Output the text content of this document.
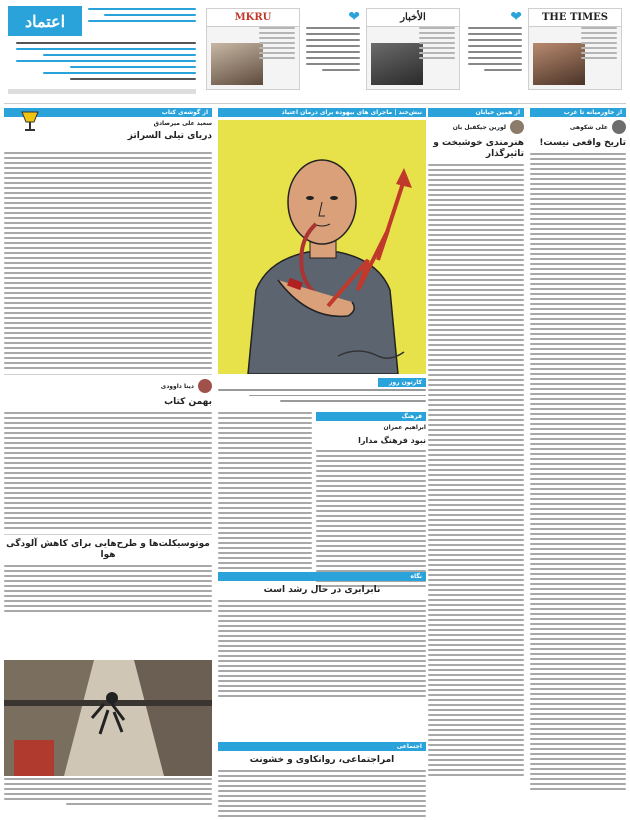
THE TIMES
❤
الأخبار
❤
MKRU
اعتماد
از خاورمیانه تا غرب
علی شکوهی
تاریخ واقعی نیست!
از همین خیابان
لورین جیکفبل بان
هنرمندی خوشبخت و تاثیرگذار
نیش‌خند | ماجرای های بیهوده برای درمان اعتیاد
کارتون روز
فرهنگ
ابراهیم عمران
نبود فرهنگ مدارا
نگاه
نابرابری در حال رشد است
اجتماعی
امراجتماعی، روانکاوی و خشونت
از گوشه‌ی کتاب
سعید علی میرصادق
دریای تیلی السراتز
دینا داوودی
بهمن کتاب
موتوسیکلت‌ها و طرح‌هایی برای کاهش آلودگی هوا
